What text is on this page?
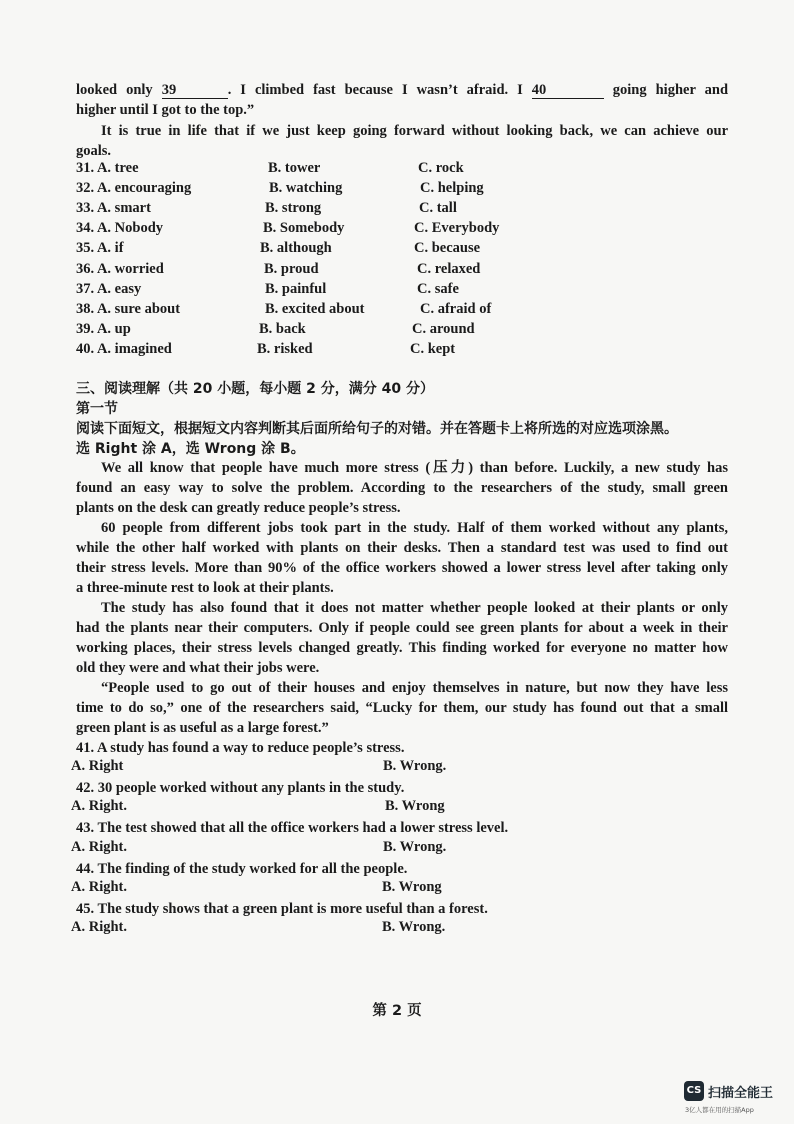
looked only 39	. I climbed fast because I wasn’t afraid. I 40	going higher and
higher until I got to the top.”
It is true in life that if we just keep going forward without looking back, we can achieve our
goals.
31. A. tree	B. tower	C. rock
32. A. encouraging	B. watching	C. helping
33. A. smart	B. strong	C. tall
34. A. Nobody	B. Somebody	C. Everybody
35. A. if	B. although	C. because
36. A. worried	B. proud	C. relaxed
37. A. easy	B. painful	C. safe
38. A. sure about	B. excited about	C. afraid of
39. A. up	B. back	C. around
40. A. imagined	B. risked	C. kept
三、阅读理解（共 20 小题，每小题 2 分，满分 40 分）
第一节
阅读下面短文，根据短文内容判断其后面所给句子的对错。并在答题卡上将所选的对应选项涂黑。
选 Right 涂 A，选 Wrong 涂 B。
We all know that people have much more stress (压力) than before. Luckily, a new study has
found an easy way to solve the problem. According to the researchers of the study, small green
plants on the desk can greatly reduce people’s stress.
60 people from different jobs took part in the study. Half of them worked without any plants,
while the other half worked with plants on their desks. Then a standard test was used to find out
their stress levels. More than 90% of the office workers showed a lower stress level after taking only
a three-minute rest to look at their plants.
The study has also found that it does not matter whether people looked at their plants or only
had the plants near their computers. Only if people could see green plants for about a week in their
working places, their stress levels changed greatly. This finding worked for everyone no matter how
old they were and what their jobs were.
“People used to go out of their houses and enjoy themselves in nature, but now they have less
time to do so,” one of the researchers said, “Lucky for them, our study has found out that a small
green plant is as useful as a large forest.”
41. A study has found a way to reduce people’s stress.
A. Right	B. Wrong.
42. 30 people worked without any plants in the study.
A. Right.	B. Wrong
43. The test showed that all the office workers had a lower stress level.
A. Right.	B. Wrong.
44. The finding of the study worked for all the people.
A. Right.	B. Wrong
45. The study shows that a green plant is more useful than a forest.
A. Right.	B. Wrong.
第 2 页
CS 扫描全能王
3亿人都在用的扫描App
